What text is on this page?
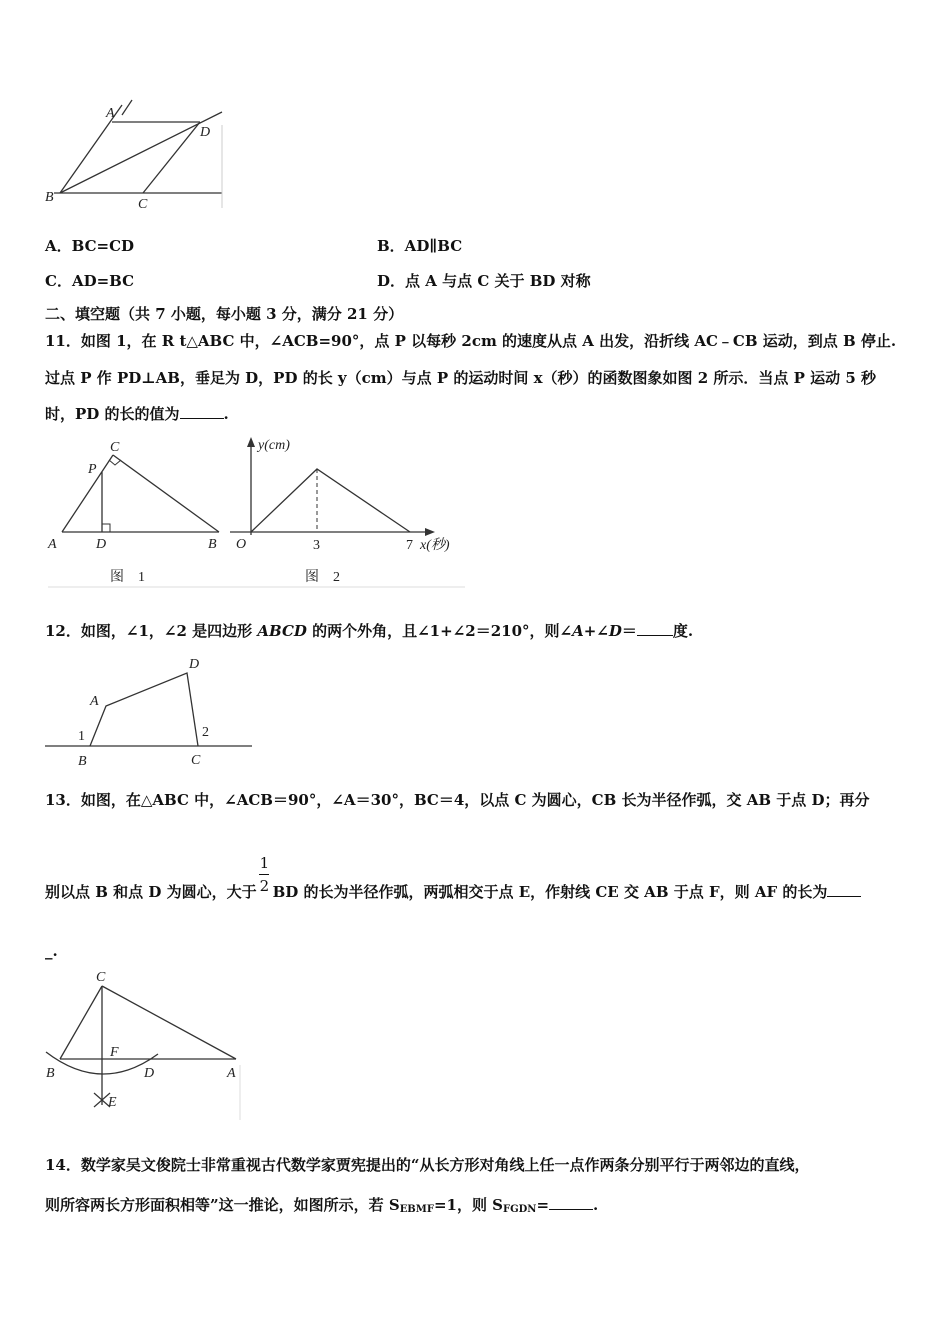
A
D
B	C
A．BC=CD	B．AD∥BC
C．AD=BC	D．点 A 与点 C 关于 BD 对称
二、填空题（共 7 小题，每小题 3 分，满分 21 分）
11．如图 1，在 R t△ABC 中，∠ACB=90°，点 P 以每秒 2cm 的速度从点 A 出发，沿折线 AC﹣CB 运动，到点 B 停止.
过点 P 作 PD⊥AB，垂足为 D，PD 的长 y（cm）与点 P 的运动时间 x（秒）的函数图象如图 2 所示．当点 P 运动 5 秒
时，PD 的长的值为	.
C
P
A	D	B
y(cm)
O	3	7 x(秒)
图　1	图　2
12．如图，∠1，∠2 是四边形 ABCD 的两个外角，且∠1+∠2＝210°，则∠A+∠D＝ 度.
D
A
1	2
B	C
13．如图，在△ABC 中，∠ACB＝90°，∠A＝30°，BC＝4，以点 C 为圆心，CB 长为半径作弧，交 AB 于点 D；再分
别以点 B 和点 D 为圆心，大于 $\frac{1}{2}$ BD 的长为半径作弧，两弧相交于点 E，作射线 CE 交 AB 于点 F，则 AF 的长为
_.
C
F
B	D	A
E
14．数学家吴文俊院士非常重视古代数学家贾宪提出的“从长方形对角线上任一点作两条分别平行于两邻边的直线，
则所容两长方形面积相等”这一推论，如图所示，若 $S_{EBMF}=1$，则 $S_{FGDN}=$	.
